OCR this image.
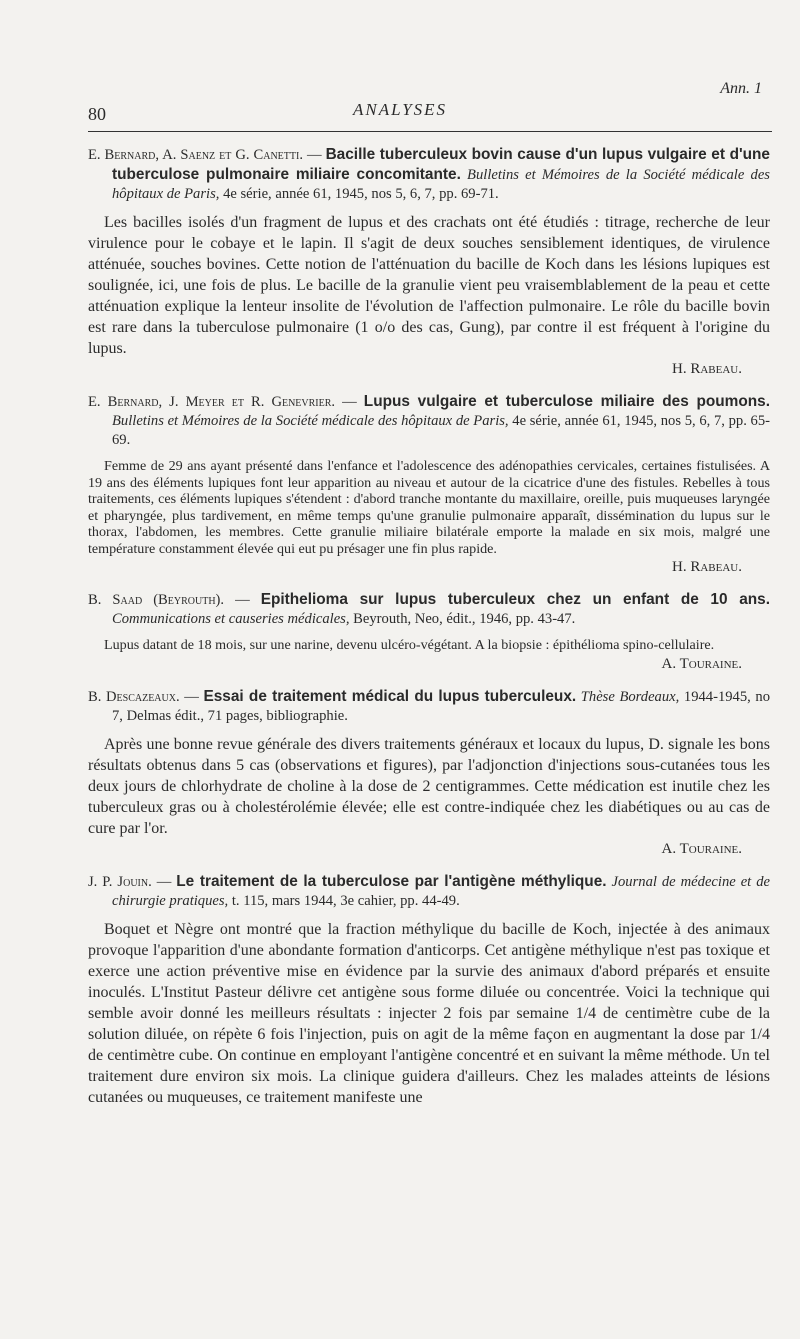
Ann. 1
80	ANALYSES

E. Bernard, A. Saenz et G. Canetti. — Bacille tuberculeux bovin cause d'un lupus vulgaire et d'une tuberculose pulmonaire miliaire concomitante. Bulletins et Mémoires de la Société médicale des hôpitaux de Paris, 4e série, année 61, 1945, nos 5, 6, 7, pp. 69-71.

Les bacilles isolés d'un fragment de lupus et des crachats ont été étudiés : titrage, recherche de leur virulence pour le cobaye et le lapin. Il s'agit de deux souches sensiblement identiques, de virulence atténuée, souches bovines. Cette notion de l'atténuation du bacille de Koch dans les lésions lupiques est soulignée, ici, une fois de plus. Le bacille de la granulie vient peu vraisemblablement de la peau et cette atténuation explique la lenteur insolite de l'évolution de l'affection pulmonaire. Le rôle du bacille bovin est rare dans la tuberculose pulmonaire (1 o/o des cas, Gung), par contre il est fréquent à l'origine du lupus.

H. Rabeau.

E. Bernard, J. Meyer et R. Genevrier. — Lupus vulgaire et tuberculose miliaire des poumons. Bulletins et Mémoires de la Société médicale des hôpitaux de Paris, 4e série, année 61, 1945, nos 5, 6, 7, pp. 65-69.

Femme de 29 ans ayant présenté dans l'enfance et l'adolescence des adénopathies cervicales, certaines fistulisées. A 19 ans des éléments lupiques font leur apparition au niveau et autour de la cicatrice d'une des fistules. Rebelles à tous traitements, ces éléments lupiques s'étendent : d'abord tranche montante du maxillaire, oreille, puis muqueuses laryngée et pharyngée, plus tardivement, en même temps qu'une granulie pulmonaire apparaît, dissémination du lupus sur le thorax, l'abdomen, les membres. Cette granulie miliaire bilatérale emporte la malade en six mois, malgré une température constamment élevée qui eut pu présager une fin plus rapide.

H. Rabeau.

B. Saad (Beyrouth). — Epithelioma sur lupus tuberculeux chez un enfant de 10 ans. Communications et causeries médicales, Beyrouth, Neo, édit., 1946, pp. 43-47.

Lupus datant de 18 mois, sur une narine, devenu ulcéro-végétant. A la biopsie : épithélioma spino-cellulaire.

A. Touraine.

B. Descazeaux. — Essai de traitement médical du lupus tuberculeux. Thèse Bordeaux, 1944-1945, no 7, Delmas édit., 71 pages, bibliographie.

Après une bonne revue générale des divers traitements généraux et locaux du lupus, D. signale les bons résultats obtenus dans 5 cas (observations et figures), par l'adjonction d'injections sous-cutanées tous les deux jours de chlorhydrate de choline à la dose de 2 centigrammes. Cette médication est inutile chez les tuberculeux gras ou à cholestérolémie élevée; elle est contre-indiquée chez les diabétiques ou au cas de cure par l'or.

A. Touraine.

J. P. Jouin. — Le traitement de la tuberculose par l'antigène méthylique. Journal de médecine et de chirurgie pratiques, t. 115, mars 1944, 3e cahier, pp. 44-49.

Boquet et Nègre ont montré que la fraction méthylique du bacille de Koch, injectée à des animaux provoque l'apparition d'une abondante formation d'anticorps. Cet antigène méthylique n'est pas toxique et exerce une action préventive mise en évidence par la survie des animaux d'abord préparés et ensuite inoculés. L'Institut Pasteur délivre cet antigène sous forme diluée ou concentrée. Voici la technique qui semble avoir donné les meilleurs résultats : injecter 2 fois par semaine 1/4 de centimètre cube de la solution diluée, on répète 6 fois l'injection, puis on agit de la même façon en augmentant la dose par 1/4 de centimètre cube. On continue en employant l'antigène concentré et en suivant la même méthode. Un tel traitement dure environ six mois. La clinique guidera d'ailleurs. Chez les malades atteints de lésions cutanées ou muqueuses, ce traitement manifeste une
